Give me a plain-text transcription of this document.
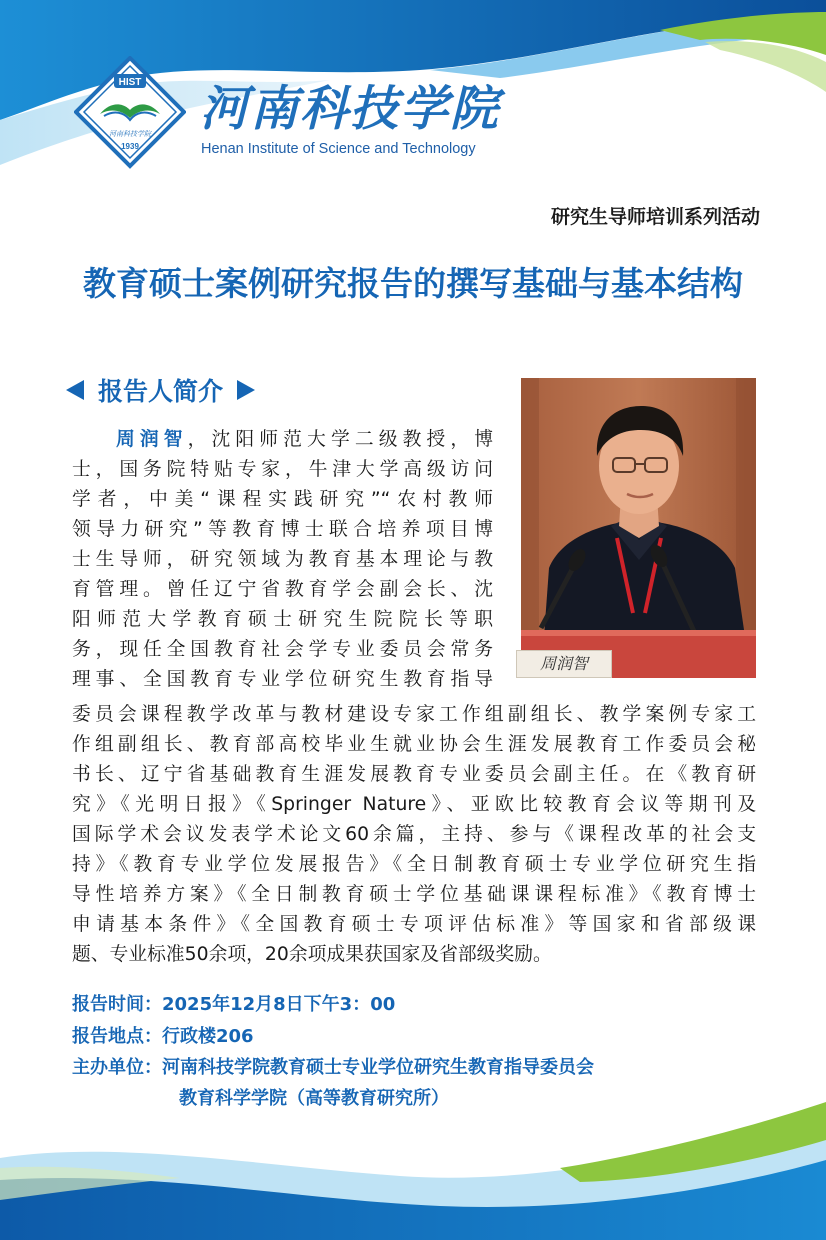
HIST
河南科技学院
1939
河南科技学院
Henan Institute of Science and Technology
研究生导师培训系列活动
教育硕士案例研究报告的撰写基础与基本结构
报告人简介
周润智
周润智，沈阳师范大学二级教授，博
士，国务院特贴专家，牛津大学高级访问
学者，中美“课程实践研究”“农村教师
领导力研究”等教育博士联合培养项目博
士生导师，研究领域为教育基本理论与教
育管理。曾任辽宁省教育学会副会长、沈
阳师范大学教育硕士研究生院院长等职
务，现任全国教育社会学专业委员会常务
理事、全国教育专业学位研究生教育指导
委员会课程教学改革与教材建设专家工作组副组长、教学案例专家工
作组副组长、教育部高校毕业生就业协会生涯发展教育工作委员会秘
书长、辽宁省基础教育生涯发展教育专业委员会副主任。在《教育研
究》《光明日报》《Springer Nature》、亚欧比较教育会议等期刊及
国际学术会议发表学术论文60余篇，主持、参与《课程改革的社会支
持》《教育专业学位发展报告》《全日制教育硕士专业学位研究生指
导性培养方案》《全日制教育硕士学位基础课课程标准》《教育博士
申请基本条件》《全国教育硕士专项评估标准》等国家和省部级课
题、专业标准50余项，20余项成果获国家及省部级奖励。
报告时间：2025年12月8日下午3：00
报告地点：行政楼206
主办单位：河南科技学院教育硕士专业学位研究生教育指导委员会
教育科学学院（高等教育研究所）
